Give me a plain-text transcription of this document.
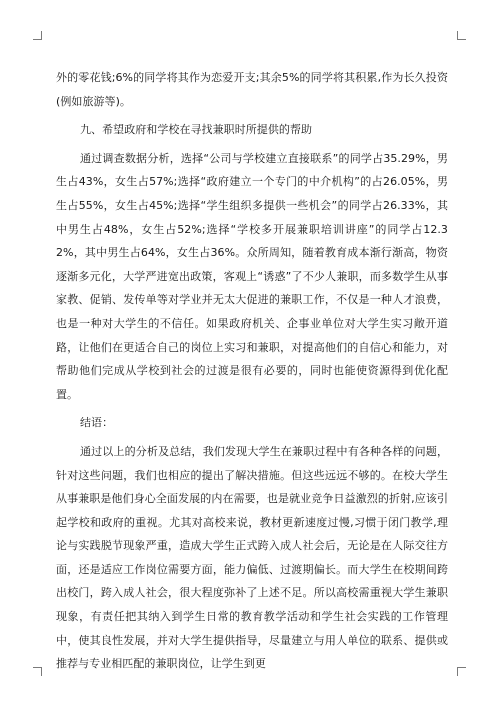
外的零花钱;6%的同学将其作为恋爱开支;其余5%的同学将其积累,作为长久投资(例如旅游等)。

九、希望政府和学校在寻找兼职时所提供的帮助

通过调查数据分析，选择“公司与学校建立直接联系”的同学占35.29%，男生占43%，女生占57%;选择“政府建立一个专门的中介机构”的占26.05%，男生占55%，女生占45%;选择“学生组织多提供一些机会”的同学占26.33%，其中男生占48%，女生占52%;选择“学校多开展兼职培训讲座”的同学占12.32%，其中男生占64%，女生占36%。众所周知，随着教育成本渐行渐高，物资逐渐多元化，大学严进宽出政策，客观上“诱惑”了不少人兼职，而多数学生从事家教、促销、发传单等对学业并无太大促进的兼职工作，不仅是一种人才浪费，也是一种对大学生的不信任。如果政府机关、企事业单位对大学生实习敞开道路，让他们在更适合自己的岗位上实习和兼职，对提高他们的自信心和能力，对帮助他们完成从学校到社会的过渡是很有必要的，同时也能使资源得到优化配置。

结语：

通过以上的分析及总结，我们发现大学生在兼职过程中有各种各样的问题，针对这些问题，我们也相应的提出了解决措施。但这些远远不够的。在校大学生从事兼职是他们身心全面发展的内在需要，也是就业竞争日益激烈的折射,应该引起学校和政府的重视。尤其对高校来说，教材更新速度过慢,习惯于闭门教学,理论与实践脱节现象严重，造成大学生正式跨入成人社会后，无论是在人际交往方面，还是适应工作岗位需要方面，能力偏低、过渡期偏长。而大学生在校期间跨出校门，跨入成人社会，很大程度弥补了上述不足。所以高校需重视大学生兼职现象，有责任把其纳入到学生日常的教育教学活动和学生社会实践的工作管理中，使其良性发展，并对大学生提供指导，尽量建立与用人单位的联系、提供或推荐与专业相匹配的兼职岗位，让学生到更
